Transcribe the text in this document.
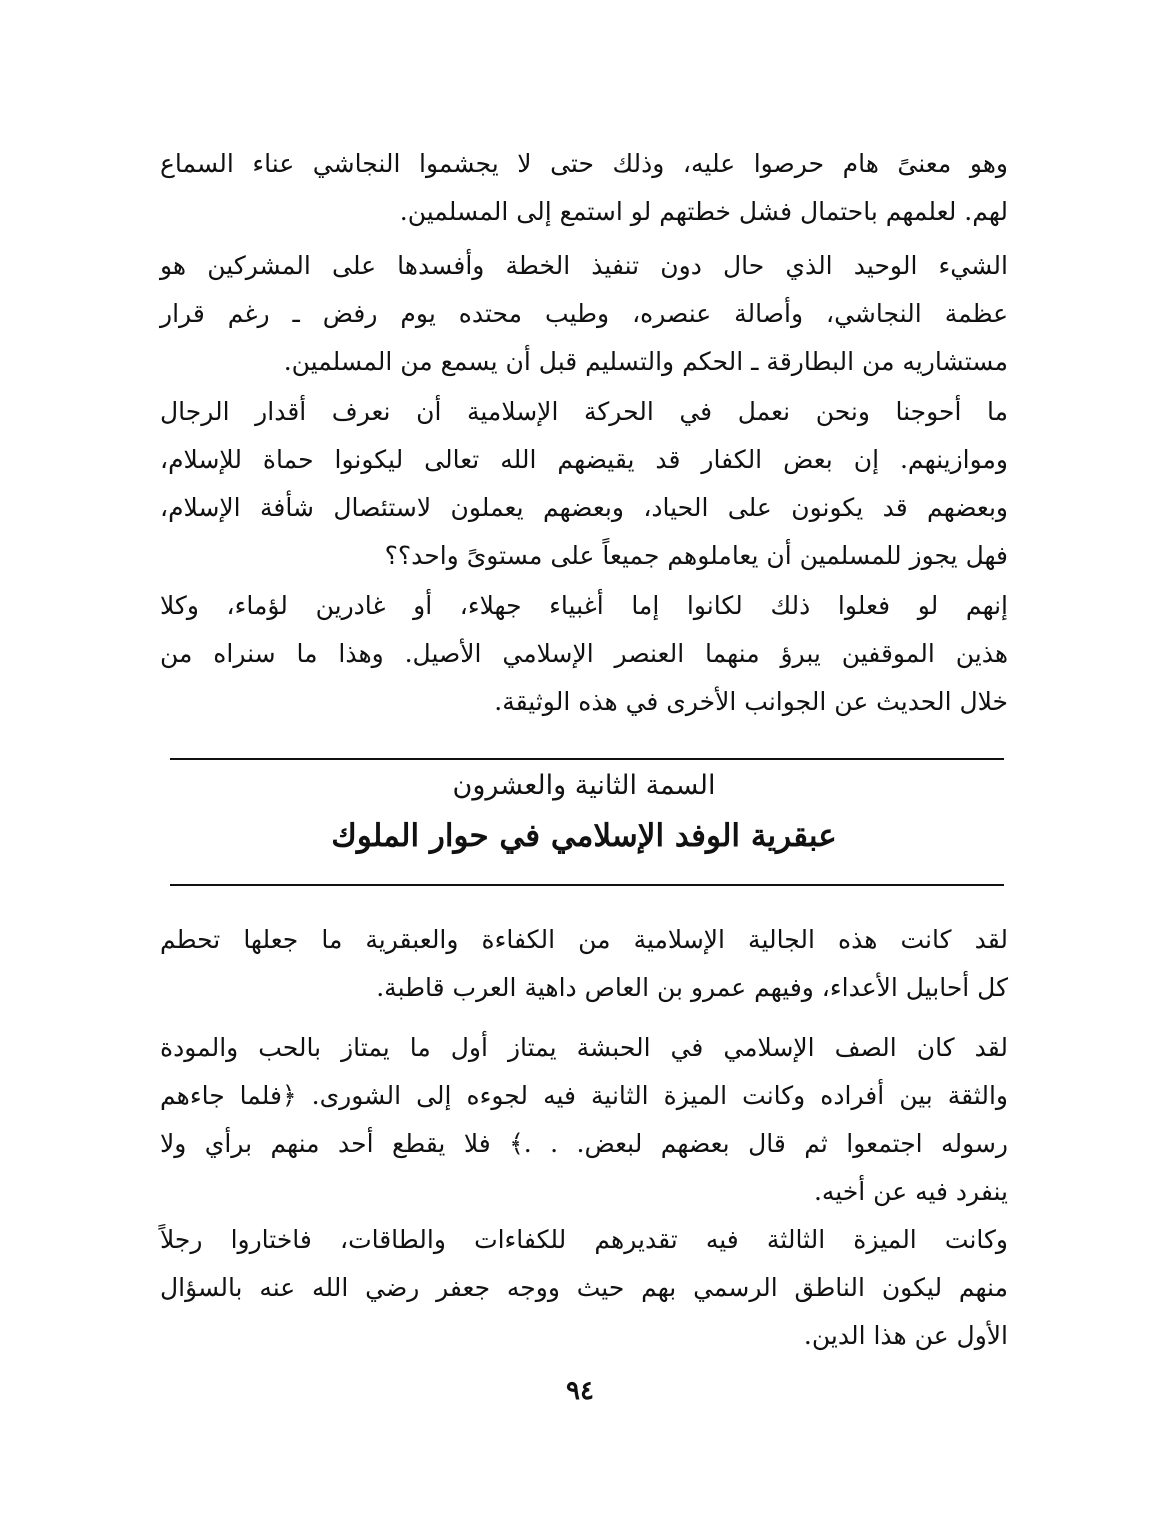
وهو معنىً هام حرصوا عليه، وذلك حتى لا يجشموا النجاشي عناء السماع
لهم. لعلمهم باحتمال فشل خطتهم لو استمع إلى المسلمين.

الشيء الوحيد الذي حال دون تنفيذ الخطة وأفسدها على المشركين هو
عظمة النجاشي، وأصالة عنصره، وطيب محتده يوم رفض ـ رغم قرار
مستشاريه من البطارقة ـ الحكم والتسليم قبل أن يسمع من المسلمين.

ما أحوجنا ونحن نعمل في الحركة الإسلامية أن نعرف أقدار الرجال
وموازينهم. إن بعض الكفار قد يقيضهم الله تعالى ليكونوا حماة للإسلام،
وبعضهم قد يكونون على الحياد، وبعضهم يعملون لاستئصال شأفة الإسلام،
فهل يجوز للمسلمين أن يعاملوهم جميعاً على مستوىً واحد؟؟

إنهم لو فعلوا ذلك لكانوا إما أغبياء جهلاء، أو غادرين لؤماء، وكلا
هذين الموقفين يبرؤ منهما العنصر الإسلامي الأصيل. وهذا ما سنراه من
خلال الحديث عن الجوانب الأخرى في هذه الوثيقة.

السمة الثانية والعشرون
عبقرية الوفد الإسلامي في حوار الملوك

لقد كانت هذه الجالية الإسلامية من الكفاءة والعبقرية ما جعلها تحطم
كل أحابيل الأعداء، وفيهم عمرو بن العاص داهية العرب قاطبة.

لقد كان الصف الإسلامي في الحبشة يمتاز أول ما يمتاز بالحب والمودة
والثقة بين أفراده وكانت الميزة الثانية فيه لجوءه إلى الشورى. ﴿فلما جاءهم
رسوله اجتمعوا ثم قال بعضهم لبعض. . .﴾ فلا يقطع أحد منهم برأي ولا
ينفرد فيه عن أخيه.

وكانت الميزة الثالثة فيه تقديرهم للكفاءات والطاقات، فاختاروا رجلاً
منهم ليكون الناطق الرسمي بهم حيث ووجه جعفر رضي الله عنه بالسؤال
الأول عن هذا الدين.

٩٤
